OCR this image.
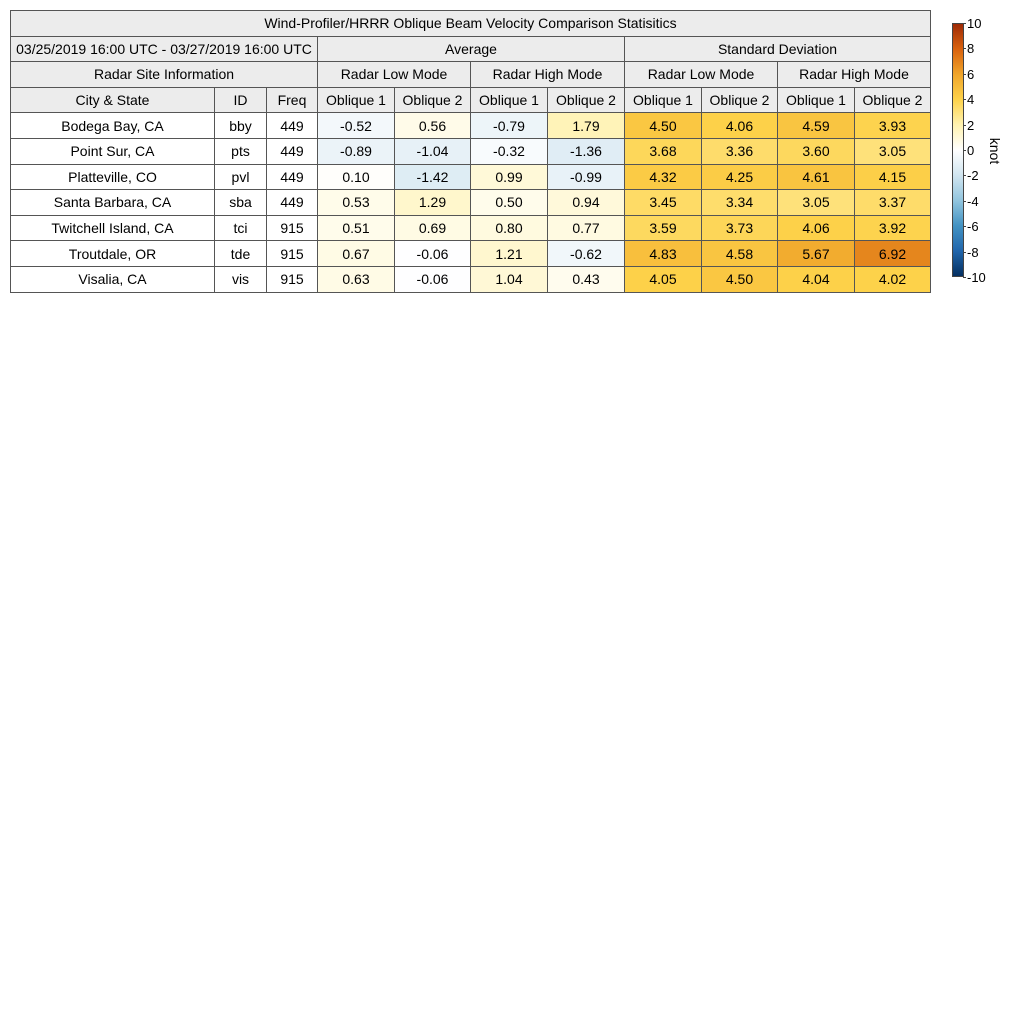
Wind-Profiler/HRRR Oblique Beam Velocity Comparison Statisitics										
03/25/2019 16:00 UTC - 03/27/2019 16:00 UTC			Average				Standard Deviation			
Radar Site Information			Radar Low Mode		Radar High Mode		Radar Low Mode		Radar High Mode	
City & State	ID	Freq	Oblique 1	Oblique 2	Oblique 1	Oblique 2	Oblique 1	Oblique 2	Oblique 1	Oblique 2
Bodega Bay, CA	bby	449	-0.52	0.56	-0.79	1.79	4.50	4.06	4.59	3.93
Point Sur, CA	pts	449	-0.89	-1.04	-0.32	-1.36	3.68	3.36	3.60	3.05
Platteville, CO	pvl	449	0.10	-1.42	0.99	-0.99	4.32	4.25	4.61	4.15
Santa Barbara, CA	sba	449	0.53	1.29	0.50	0.94	3.45	3.34	3.05	3.37
Twitchell Island, CA	tci	915	0.51	0.69	0.80	0.77	3.59	3.73	4.06	3.92
Troutdale, OR	tde	915	0.67	-0.06	1.21	-0.62	4.83	4.58	5.67	6.92
Visalia, CA	vis	915	0.63	-0.06	1.04	0.43	4.05	4.50	4.04	4.02
10
8
6
4
2
0
-2
-4
-6
-8
-10
knot
